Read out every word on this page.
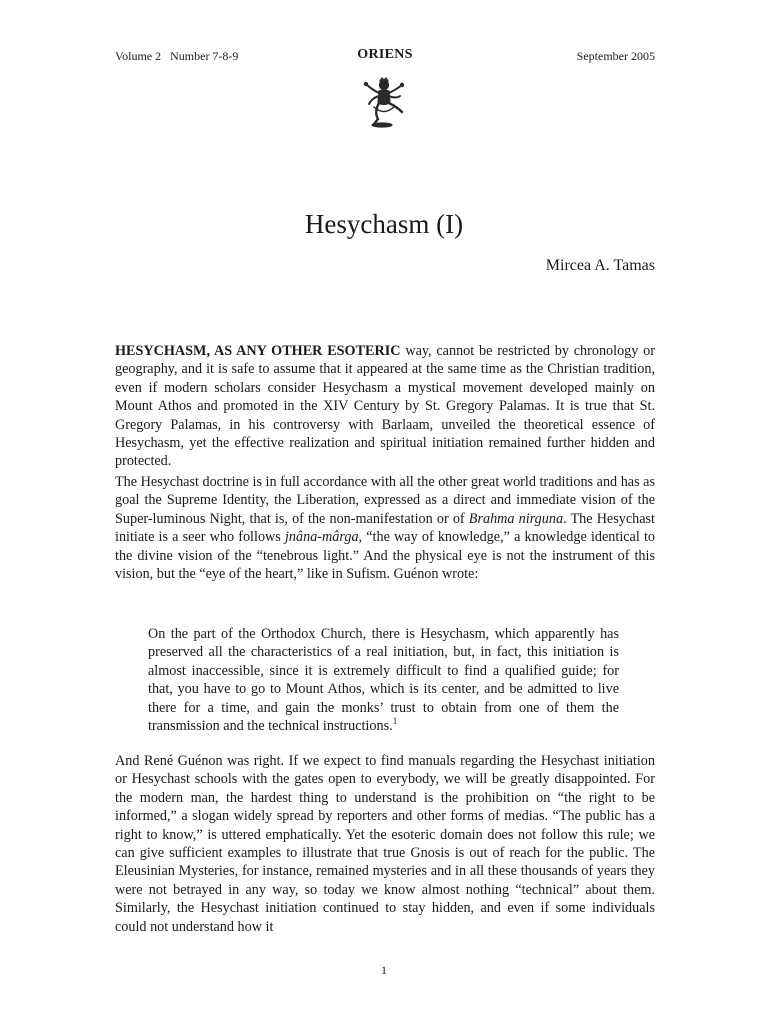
Volume 2   Number 7-8-9	ORIENS	September 2005
Hesychasm (I)
Mircea A. Tamas

HESYCHASM, AS ANY OTHER ESOTERIC way, cannot be restricted by chronology or geography, and it is safe to assume that it appeared at the same time as the Christian tradition, even if modern scholars consider Hesychasm a mystical movement developed mainly on Mount Athos and promoted in the XIV Century by St. Gregory Palamas. It is true that St. Gregory Palamas, in his controversy with Barlaam, unveiled the theoretical essence of Hesychasm, yet the effective realization and spiritual initiation remained further hidden and protected.

The Hesychast doctrine is in full accordance with all the other great world traditions and has as goal the Supreme Identity, the Liberation, expressed as a direct and immediate vision of the Super-luminous Night, that is, of the non-manifestation or of Brahma nirguna. The Hesychast initiate is a seer who follows jnâna-mârga, “the way of knowledge,” a knowledge identical to the divine vision of the “tenebrous light.” And the physical eye is not the instrument of this vision, but the “eye of the heart,” like in Sufism. Guénon wrote:

On the part of the Orthodox Church, there is Hesychasm, which apparently has preserved all the characteristics of a real initiation, but, in fact, this initiation is almost inaccessible, since it is extremely difficult to find a qualified guide; for that, you have to go to Mount Athos, which is its center, and be admitted to live there for a time, and gain the monks’ trust to obtain from one of them the transmission and the technical instructions.$^1$

And René Guénon was right. If we expect to find manuals regarding the Hesychast initiation or Hesychast schools with the gates open to everybody, we will be greatly disappointed. For the modern man, the hardest thing to understand is the prohibition on “the right to be informed,” a slogan widely spread by reporters and other forms of medias. “The public has a right to know,” is uttered emphatically. Yet the esoteric domain does not follow this rule; we can give sufficient examples to illustrate that true Gnosis is out of reach for the public. The Eleusinian Mysteries, for instance, remained mysteries and in all these thousands of years they were not betrayed in any way, so today we know almost nothing “technical” about them. Similarly, the Hesychast initiation continued to stay hidden, and even if some individuals could not understand how it

1
